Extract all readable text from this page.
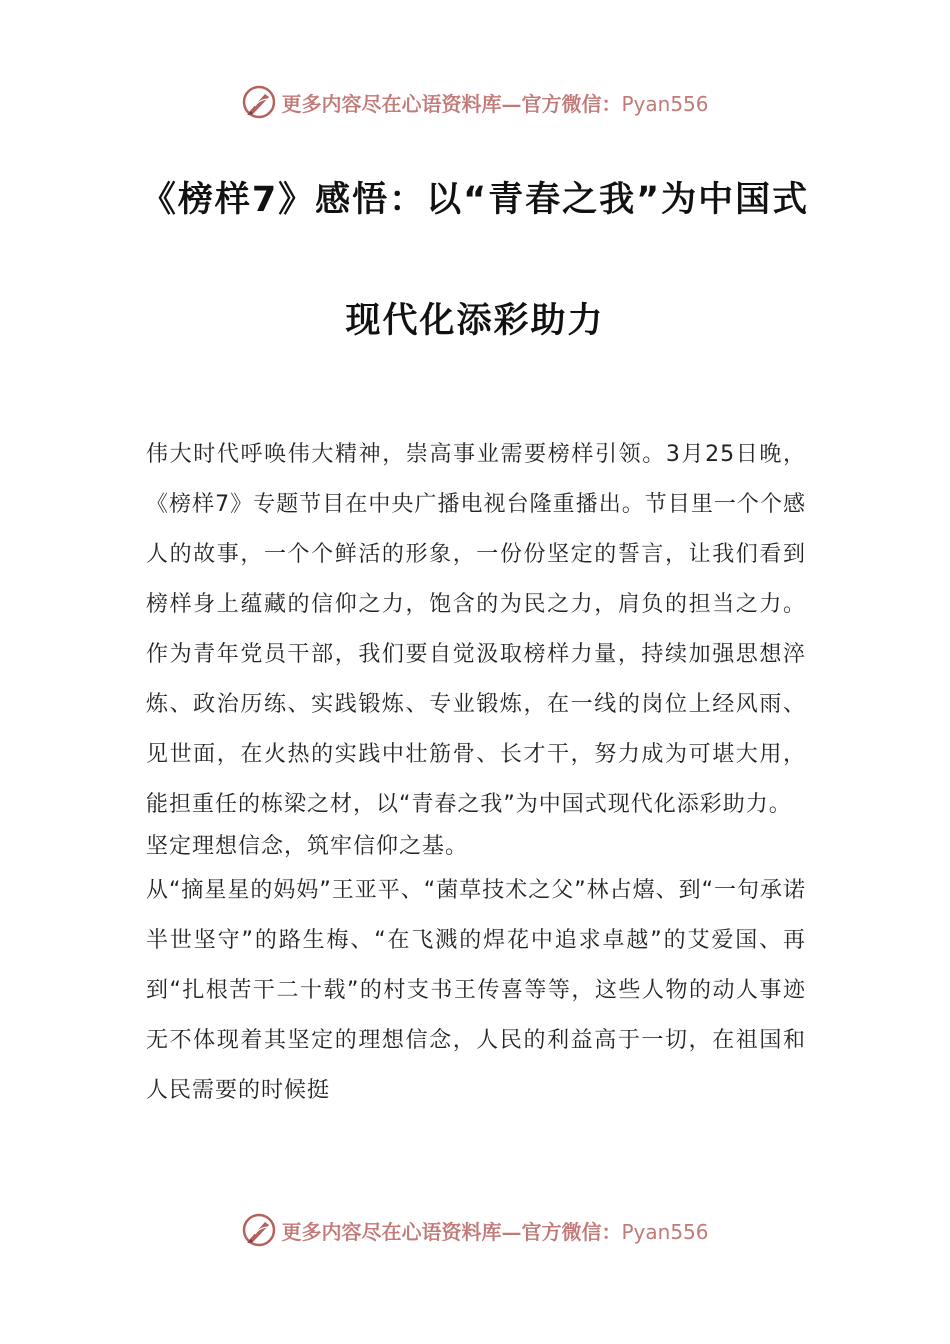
更多内容尽在心语资料库—官方微信：Pyan556
《榜样7》感悟：以“青春之我”为中国式
现代化添彩助力

伟大时代呼唤伟大精神，崇高事业需要榜样引领。3月25日晚，《榜样7》专题节目在中央广播电视台隆重播出。节目里一个个感人的故事，一个个鲜活的形象，一份份坚定的誓言，让我们看到榜样身上蕴藏的信仰之力，饱含的为民之力，肩负的担当之力。作为青年党员干部，我们要自觉汲取榜样力量，持续加强思想淬炼、政治历练、实践锻炼、专业锻炼，在一线的岗位上经风雨、见世面，在火热的实践中壮筋骨、长才干，努力成为可堪大用，能担重任的栋梁之材，以“青春之我”为中国式现代化添彩助力。

坚定理想信念，筑牢信仰之基。

从“摘星星的妈妈”王亚平、“菌草技术之父”林占熺、到“一句承诺半世坚守”的路生梅、“在飞溅的焊花中追求卓越”的艾爱国、再到“扎根苦干二十载”的村支书王传喜等等，这些人物的动人事迹无不体现着其坚定的理想信念，人民的利益高于一切，在祖国和人民需要的时候挺

更多内容尽在心语资料库—官方微信：Pyan556
